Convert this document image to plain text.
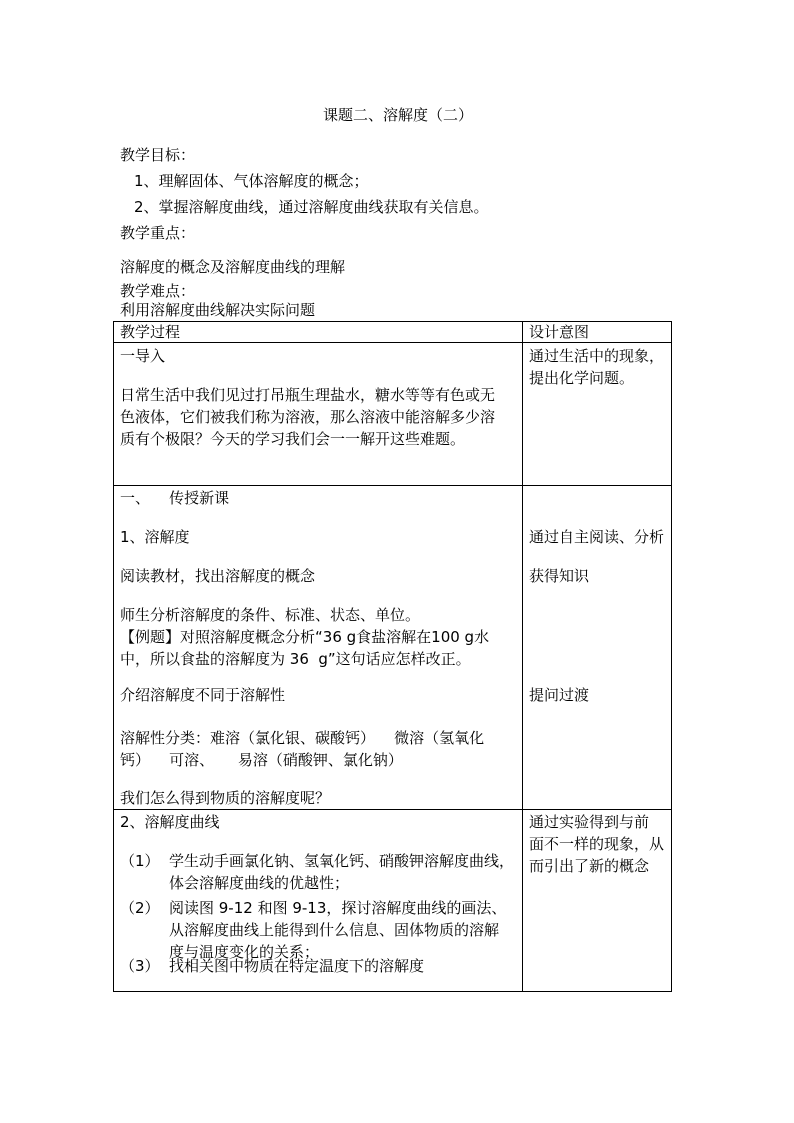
课题二、溶解度（二）
教学目标：
1、理解固体、气体溶解度的概念；
2、掌握溶解度曲线，通过溶解度曲线获取有关信息。
教学重点：
溶解度的概念及溶解度曲线的理解
教学难点：
利用溶解度曲线解决实际问题
教学过程	设计意图
一导入
日常生活中我们见过打吊瓶生理盐水，糖水等等有色或无
色液体，它们被我们称为溶液，那么溶液中能溶解多少溶
质有个极限？今天的学习我们会一一解开这些难题。
通过生活中的现象，
提出化学问题。
一、    传授新课
1、溶解度
阅读教材，找出溶解度的概念
师生分析溶解度的条件、标准、状态、单位。
【例题】对照溶解度概念分析“36 g食盐溶解在100 g水
中，所以食盐的溶解度为 36  g”这句话应怎样改正。
介绍溶解度不同于溶解性
溶解性分类：难溶（氯化银、碳酸钙）    微溶（氢氧化
钙）    可溶、     易溶（硝酸钾、氯化钠）
我们怎么得到物质的溶解度呢？
通过自主阅读、分析
获得知识
提问过渡
2、溶解度曲线
（1） 学生动手画氯化钠、氢氧化钙、硝酸钾溶解度曲线，
体会溶解度曲线的优越性；
（2） 阅读图 9-12 和图 9-13，探讨溶解度曲线的画法、
从溶解度曲线上能得到什么信息、固体物质的溶解
度与温度变化的关系；
（3） 找相关图中物质在特定温度下的溶解度
通过实验得到与前
面不一样的现象，从
而引出了新的概念
